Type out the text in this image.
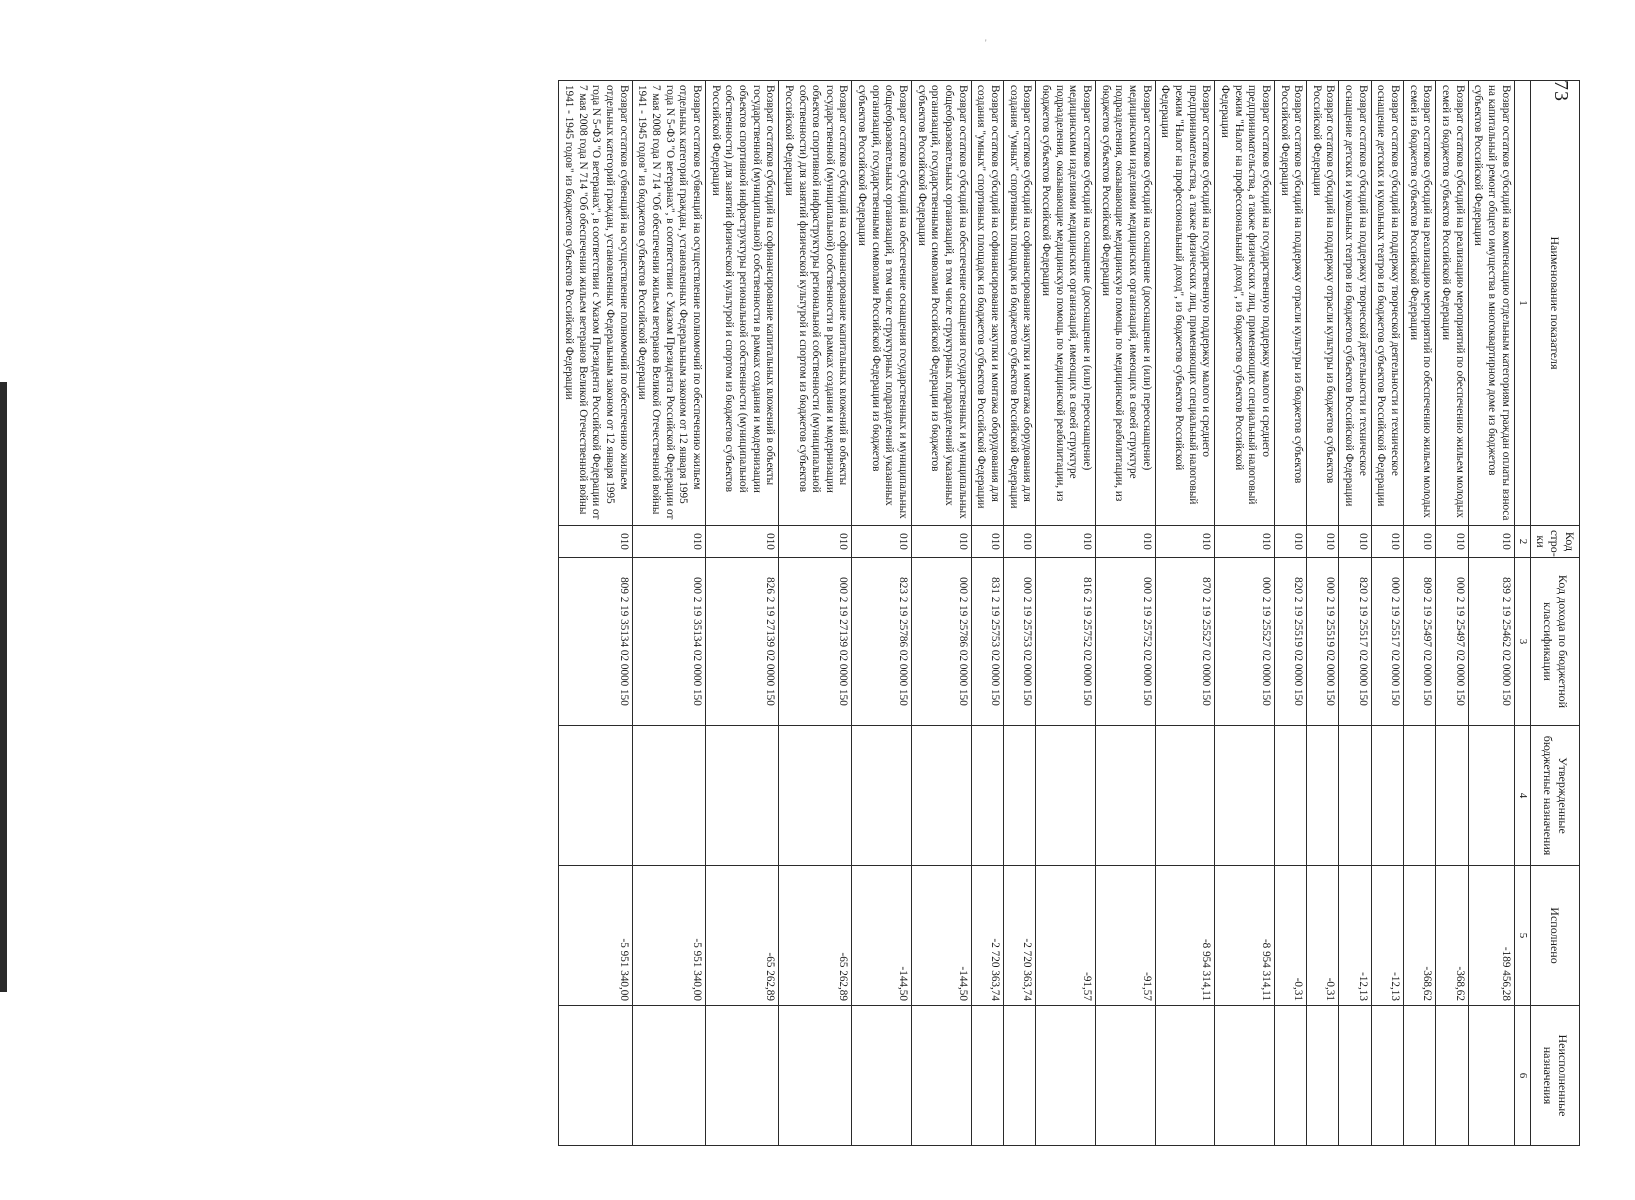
'
73
Наименование показателя	Код стро-ки	Код дохода по бюджетной классификации	Утвержденные бюджетные назначения	Исполнено	Неисполненные назначения
1	2	3	4	5	6
Возврат остатков субсидий на компенсацию отдельным категориям граждан оплаты взноса на капитальный ремонт общего имущества в многоквартирном доме из бюджетов субъектов Российской Федерации	010	839 2 19 25462 02 0000 150		-189 456,28	
Возврат остатков субсидий на реализацию мероприятий по обеспечению жильем молодых семей из бюджетов субъектов Российской Федерации	010	000 2 19 25497 02 0000 150		-368,62	
Возврат остатков субсидий на реализацию мероприятий по обеспечению жильем молодых семей из бюджетов субъектов Российской Федерации	010	809 2 19 25497 02 0000 150		-368,62	
Возврат остатков субсидий на поддержку творческой деятельности и техническое оснащение детских и кукольных театров из бюджетов субъектов Российской Федерации	010	000 2 19 25517 02 0000 150		-12,13	
Возврат остатков субсидий на поддержку творческой деятельности и техническое оснащение детских и кукольных театров из бюджетов субъектов Российской Федерации	010	820 2 19 25517 02 0000 150		-12,13	
Возврат остатков субсидий на поддержку отрасли культуры из бюджетов субъектов Российской Федерации	010	000 2 19 25519 02 0000 150		-0,31	
Возврат остатков субсидий на поддержку отрасли культуры из бюджетов субъектов Российской Федерации	010	820 2 19 25519 02 0000 150		-0,31	
Возврат остатков субсидий на государственную поддержку малого и среднего предпринимательства, а также физических лиц, применяющих специальный налоговый режим "Налог на профессиональный доход", из бюджетов субъектов Российской Федерации	010	000 2 19 25527 02 0000 150		-8 954 314,11	
Возврат остатков субсидий на государственную поддержку малого и среднего предпринимательства, а также физических лиц, применяющих специальный налоговый режим "Налог на профессиональный доход", из бюджетов субъектов Российской Федерации	010	870 2 19 25527 02 0000 150		-8 954 314,11	
Возврат остатков субсидий на оснащение (дооснащение и (или) переоснащение) медицинскими изделиями медицинских организаций, имеющих в своей структуре подразделения, оказывающие медицинскую помощь по медицинской реабилитации, из бюджетов субъектов Российской Федерации	010	000 2 19 25752 02 0000 150		-91,57	
Возврат остатков субсидий на оснащение (дооснащение и (или) переоснащение) медицинскими изделиями медицинских организаций, имеющих в своей структуре подразделения, оказывающие медицинскую помощь по медицинской реабилитации, из бюджетов субъектов Российской Федерации	010	816 2 19 25752 02 0000 150		-91,57	
Возврат остатков субсидий на софинансирование закупки и монтажа оборудования для создания "умных" спортивных площадок из бюджетов субъектов Российской Федерации	010	000 2 19 25753 02 0000 150		-2 720 363,74	
Возврат остатков субсидий на софинансирование закупки и монтажа оборудования для создания "умных" спортивных площадок из бюджетов субъектов Российской Федерации	010	831 2 19 25753 02 0000 150		-2 720 363,74	
Возврат остатков субсидий на обеспечение оснащения государственных и муниципальных общеобразовательных организаций, в том числе структурных подразделений указанных организаций, государственными символами Российской Федерации из бюджетов субъектов Российской Федерации	010	000 2 19 25786 02 0000 150		-144,50	
Возврат остатков субсидий на обеспечение оснащения государственных и муниципальных общеобразовательных организаций, в том числе структурных подразделений указанных организаций, государственными символами Российской Федерации из бюджетов субъектов Российской Федерации	010	823 2 19 25786 02 0000 150		-144,50	
Возврат остатков субсидий на софинансирование капитальных вложений в объекты государственной (муниципальной) собственности в рамках создания и модернизации объектов спортивной инфраструктуры региональной собственности (муниципальной собственности) для занятий физической культурой и спортом из бюджетов субъектов Российской Федерации	010	000 2 19 27139 02 0000 150		-65 262,89	
Возврат остатков субсидий на софинансирование капитальных вложений в объекты государственной (муниципальной) собственности в рамках создания и модернизации объектов спортивной инфраструктуры региональной собственности (муниципальной собственности) для занятий физической культурой и спортом из бюджетов субъектов Российской Федерации	010	826 2 19 27139 02 0000 150		-65 262,89	
Возврат остатков субвенций на осуществление полномочий по обеспечению жильем отдельных категорий граждан, установленных Федеральным законом от 12 января 1995 года N 5-ФЗ "О ветеранах", в соответствии с Указом Президента Российской Федерации от 7 мая 2008 года N 714 "Об обеспечении жильем ветеранов Великой Отечественной войны 1941 - 1945 годов" из бюджетов субъектов Российской Федерации	010	000 2 19 35134 02 0000 150		-5 951 340,00	
Возврат остатков субвенций на осуществление полномочий по обеспечению жильем отдельных категорий граждан, установленных Федеральным законом от 12 января 1995 года N 5-ФЗ "О ветеранах", в соответствии с Указом Президента Российской Федерации от 7 мая 2008 года N 714 "Об обеспечении жильем ветеранов Великой Отечественной войны 1941 - 1945 годов" из бюджетов субъектов Российской Федерации	010	809 2 19 35134 02 0000 150		-5 951 340,00	
